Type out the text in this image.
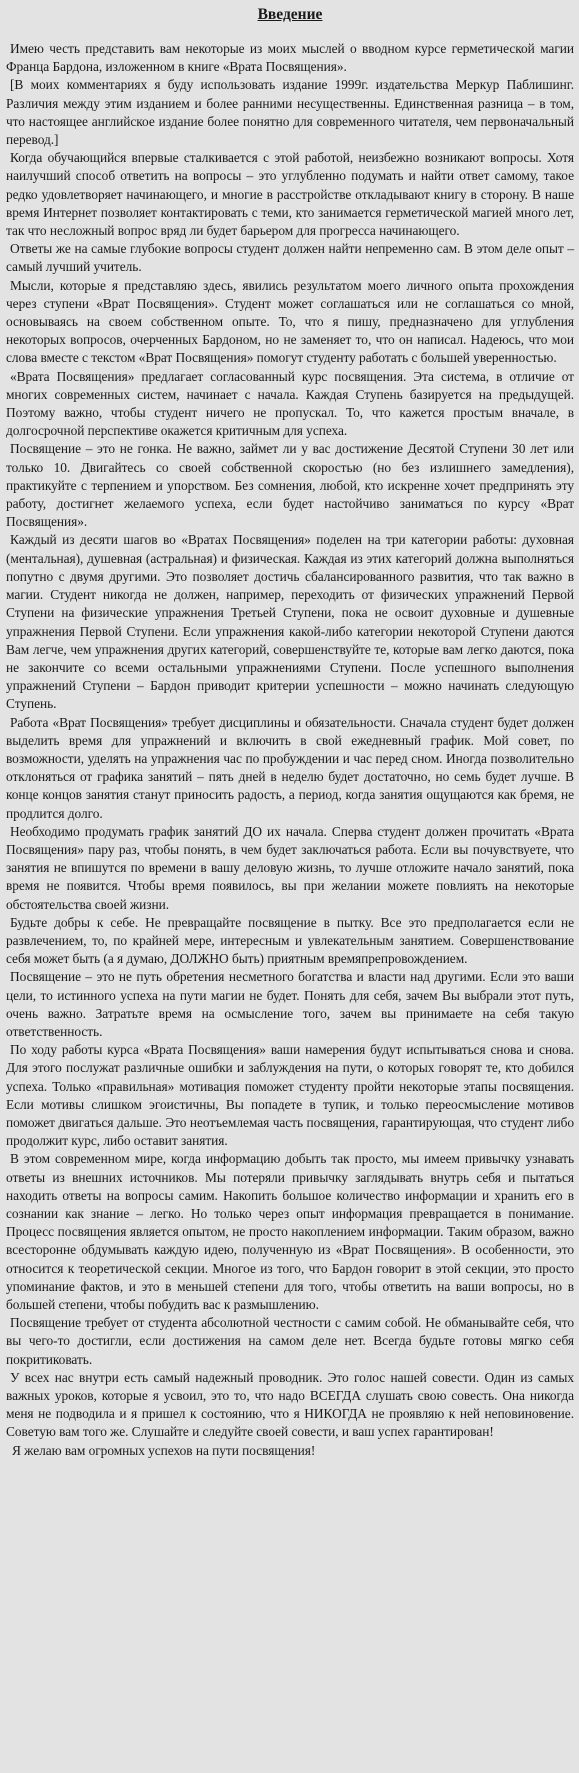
Введение

Имею честь представить вам некоторые из моих мыслей о вводном курсе герметической магии Франца Бардона, изложенном в книге «Врата Посвящения».

[В моих комментариях я буду использовать издание 1999г. издательства Меркур Паблишинг. Различия между этим изданием и более ранними несущественны. Единственная разница – в том, что настоящее английское издание более понятно для современного читателя, чем первоначальный перевод.]

Когда обучающийся впервые сталкивается с этой работой, неизбежно возникают вопросы. Хотя наилучший способ ответить на вопросы – это углубленно подумать и найти ответ самому, такое редко удовлетворяет начинающего, и многие в расстройстве откладывают книгу в сторону. В наше время Интернет позволяет контактировать с теми, кто занимается герметической магией много лет, так что несложный вопрос вряд ли будет барьером для прогресса начинающего.

Ответы же на самые глубокие вопросы студент должен найти непременно сам. В этом деле опыт – самый лучший учитель.

Мысли, которые я представляю здесь, явились результатом моего личного опыта прохождения через ступени «Врат Посвящения». Студент может соглашаться или не соглашаться со мной, основываясь на своем собственном опыте. То, что я пишу, предназначено для углубления некоторых вопросов, очерченных Бардоном, но не заменяет то, что он написал. Надеюсь, что мои слова вместе с текстом «Врат Посвящения» помогут студенту работать с большей уверенностью.

«Врата Посвящения» предлагает согласованный курс посвящения. Эта система, в отличие от многих современных систем, начинает с начала. Каждая Ступень базируется на предыдущей. Поэтому важно, чтобы студент ничего не пропускал. То, что кажется простым вначале, в долгосрочной перспективе окажется критичным для успеха.

Посвящение – это не гонка. Не важно, займет ли у вас достижение Десятой Ступени 30 лет или только 10. Двигайтесь со своей собственной скоростью (но без излишнего замедления), практикуйте с терпением и упорством. Без сомнения, любой, кто искренне хочет предпринять эту работу, достигнет желаемого успеха, если будет настойчиво заниматься по курсу «Врат Посвящения».

Каждый из десяти шагов во «Вратах Посвящения» поделен на три категории работы: духовная (ментальная), душевная (астральная) и физическая. Каждая из этих категорий должна выполняться попутно с двумя другими. Это позволяет достичь сбалансированного развития, что так важно в магии. Студент никогда не должен, например, переходить от физических упражнений Первой Ступени на физические упражнения Третьей Ступени, пока не освоит духовные и душевные упражнения Первой Ступени. Если упражнения какой-либо категории некоторой Ступени даются Вам легче, чем упражнения других категорий, совершенствуйте те, которые вам легко даются, пока не закончите со всеми остальными упражнениями Ступени. После успешного выполнения упражнений Ступени – Бардон приводит критерии успешности – можно начинать следующую Ступень.

Работа «Врат Посвящения» требует дисциплины и обязательности. Сначала студент будет должен выделить время для упражнений и включить в свой ежедневный график. Мой совет, по возможности, уделять на упражнения час по пробуждении и час перед сном. Иногда позволительно отклоняться от графика занятий – пять дней в неделю будет достаточно, но семь будет лучше. В конце концов занятия станут приносить радость, а период, когда занятия ощущаются как бремя, не продлится долго.

Необходимо продумать график занятий ДО их начала. Сперва студент должен прочитать «Врата Посвящения» пару раз, чтобы понять, в чем будет заключаться работа. Если вы почувствуете, что занятия не впишутся по времени в вашу деловую жизнь, то лучше отложите начало занятий, пока время не появится. Чтобы время появилось, вы при желании можете повлиять на некоторые обстоятельства своей жизни.

Будьте добры к себе. Не превращайте посвящение в пытку. Все это предполагается если не развлечением, то, по крайней мере, интересным и увлекательным занятием. Совершенствование себя может быть (а я думаю, ДОЛЖНО быть) приятным времяпрепровождением.

Посвящение – это не путь обретения несметного богатства и власти над другими. Если это ваши цели, то истинного успеха на пути магии не будет. Понять для себя, зачем Вы выбрали этот путь, очень важно. Затратьте время на осмысление того, зачем вы принимаете на себя такую ответственность.

По ходу работы курса «Врата Посвящения» ваши намерения будут испытываться снова и снова. Для этого послужат различные ошибки и заблуждения на пути, о которых говорят те, кто добился успеха. Только «правильная» мотивация поможет студенту пройти некоторые этапы посвящения. Если мотивы слишком эгоистичны, Вы попадете в тупик, и только переосмысление мотивов поможет двигаться дальше. Это неотъемлемая часть посвящения, гарантирующая, что студент либо продолжит курс, либо оставит занятия.

В этом современном мире, когда информацию добыть так просто, мы имеем привычку узнавать ответы из внешних источников. Мы потеряли привычку заглядывать внутрь себя и пытаться находить ответы на вопросы самим. Накопить большое количество информации и хранить его в сознании как знание – легко. Но только через опыт информация превращается в понимание. Процесс посвящения является опытом, не просто накоплением информации. Таким образом, важно всесторонне обдумывать каждую идею, полученную из «Врат Посвящения». В особенности, это относится к теоретической секции. Многое из того, что Бардон говорит в этой секции, это просто упоминание фактов, и это в меньшей степени для того, чтобы ответить на ваши вопросы, но в большей степени, чтобы побудить вас к размышлению.

Посвящение требует от студента абсолютной честности с самим собой. Не обманывайте себя, что вы чего-то достигли, если достижения на самом деле нет. Всегда будьте готовы мягко себя покритиковать.

У всех нас внутри есть самый надежный проводник. Это голос нашей совести. Один из самых важных уроков, которые я усвоил, это то, что надо ВСЕГДА слушать свою совесть. Она никогда меня не подводила и я пришел к состоянию, что я НИКОГДА не проявляю к ней неповиновение. Советую вам того же. Слушайте и следуйте своей совести, и ваш успех гарантирован!

Я желаю вам огромных успехов на пути посвящения!
